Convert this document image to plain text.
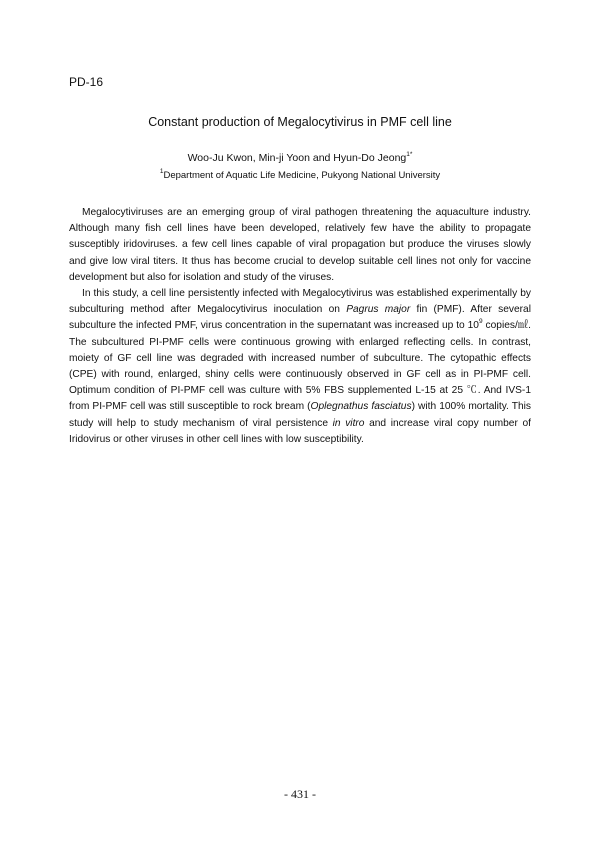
PD-16
Constant production of Megalocytivirus in PMF cell line
Woo-Ju Kwon, Min-ji Yoon and Hyun-Do Jeong$^{1*}$
$^1$Department of Aquatic Life Medicine, Pukyong National University

Megalocytiviruses are an emerging group of viral pathogen threatening the aquaculture industry. Although many fish cell lines have been developed, relatively few have the ability to propagate susceptibly iridoviruses. a few cell lines capable of viral propagation but produce the viruses slowly and give low viral titers. It thus has become crucial to develop suitable cell lines not only for vaccine development but also for isolation and study of the viruses.

In this study, a cell line persistently infected with Megalocytivirus was established experimentally by subculturing method after Megalocytivirus inoculation on Pagrus major fin (PMF). After several subculture the infected PMF, virus concentration in the supernatant was increased up to $10^9$ copies/㎖. The subcultured PI-PMF cells were continuous growing with enlarged reflecting cells. In contrast, moiety of GF cell line was degraded with increased number of subculture. The cytopathic effects (CPE) with round, enlarged, shiny cells were continuously observed in GF cell as in PI-PMF cell. Optimum condition of PI-PMF cell was culture with 5% FBS supplemented L-15 at 25 ℃. And IVS-1 from PI-PMF cell was still susceptible to rock bream (Oplegnathus fasciatus) with 100% mortality. This study will help to study mechanism of viral persistence in vitro and increase viral copy number of Iridovirus or other viruses in other cell lines with low susceptibility.

- 431 -
